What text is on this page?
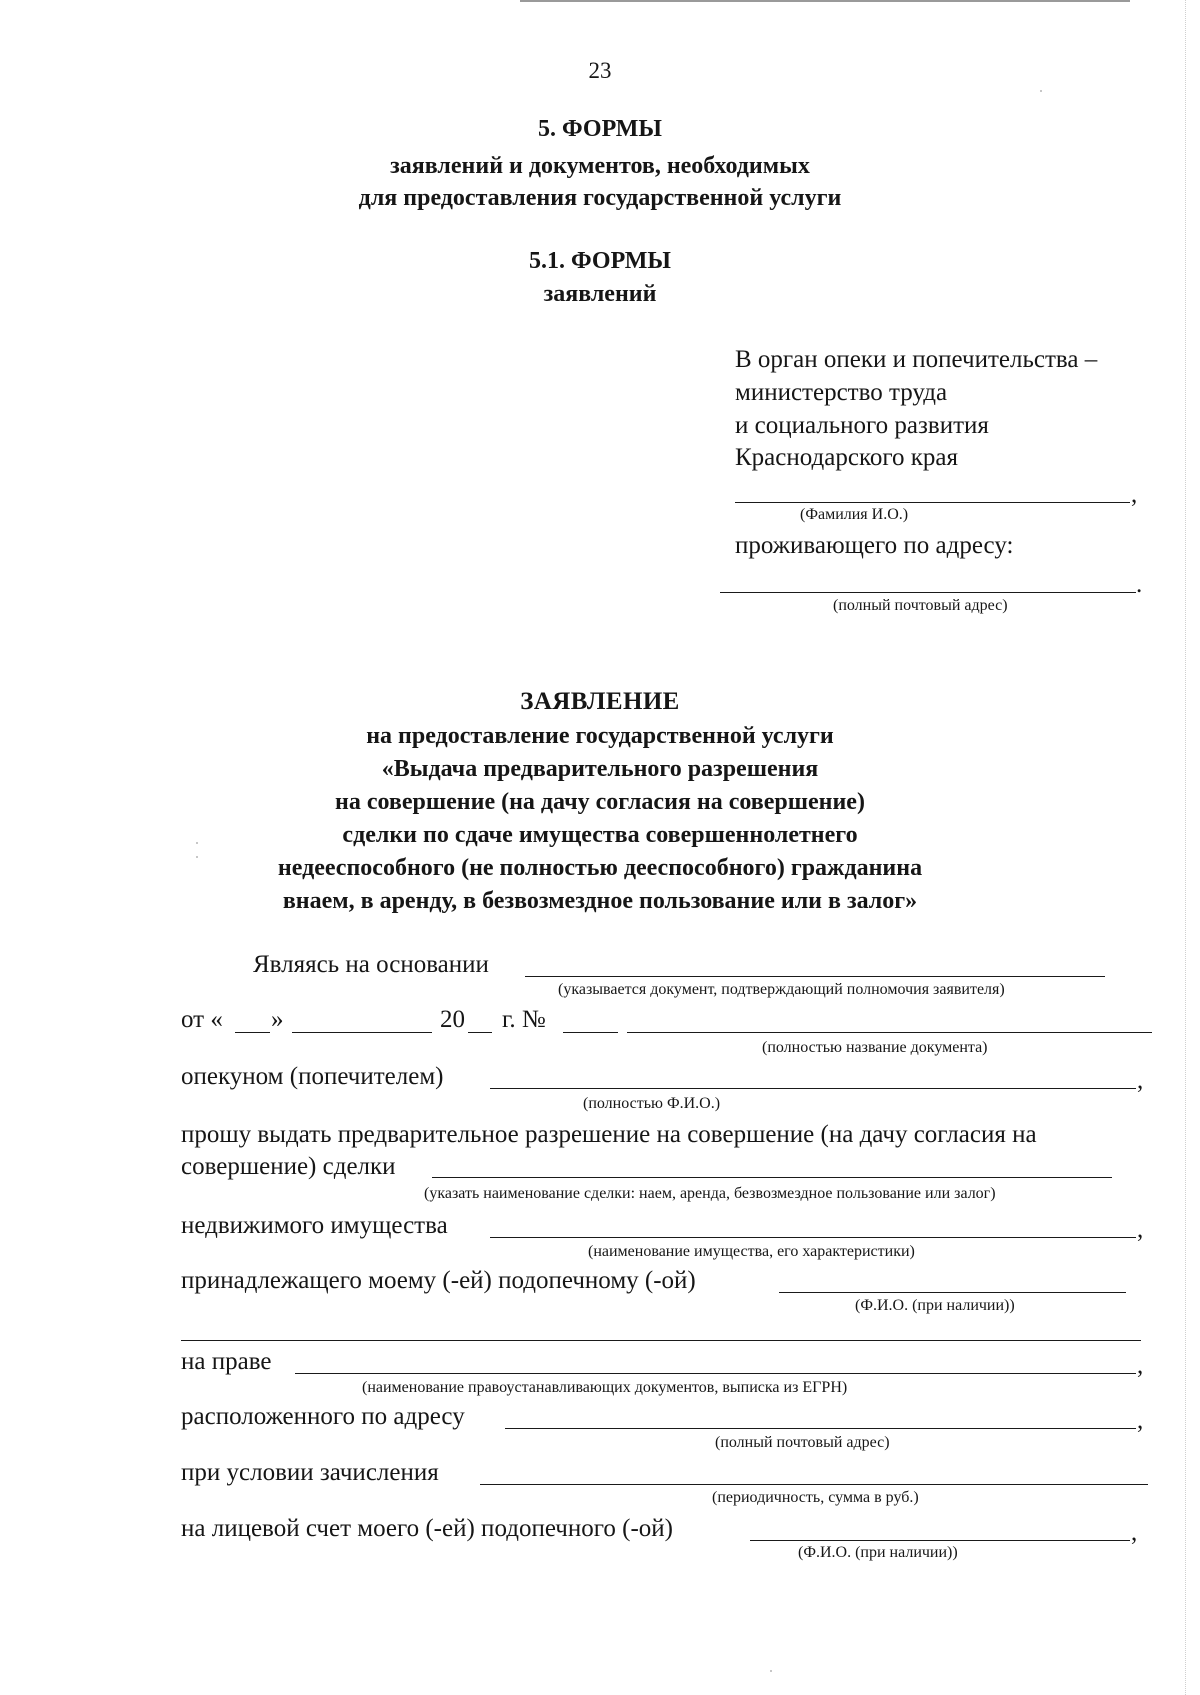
23
5. ФОРМЫ
заявлений и документов, необходимых
для предоставления государственной услуги
5.1. ФОРМЫ
заявлений
В орган опеки и попечительства –
министерство труда
и социального развития
Краснодарского края
,
(Фамилия И.О.)
проживающего по адресу:
.
(полный почтовый адрес)
ЗАЯВЛЕНИЕ
на предоставление государственной услуги
«Выдача предварительного разрешения
на совершение (на дачу согласия на совершение)
сделки по сдаче имущества совершеннолетнего
недееспособного (не полностью дееспособного) гражданина
внаем, в аренду, в безвозмездное пользование или в залог»
Являясь на основании
(указывается документ, подтверждающий полномочия заявителя)
от « »	20 г. №
(полностью название документа)
опекуном (попечителем)	,
(полностью Ф.И.О.)
прошу выдать предварительное разрешение на совершение (на дачу согласия на
совершение) сделки
(указать наименование сделки: наем, аренда, безвозмездное пользование или залог)
недвижимого имущества	,
(наименование имущества, его характеристики)
принадлежащего моему (-ей) подопечному (-ой)
(Ф.И.О. (при наличии))
на праве	,
(наименование правоустанавливающих документов, выписка из ЕГРН)
расположенного по адресу	,
(полный почтовый адрес)
при условии зачисления
(периодичность, сумма в руб.)
на лицевой счет моего (-ей) подопечного (-ой)	,
(Ф.И.О. (при наличии))
